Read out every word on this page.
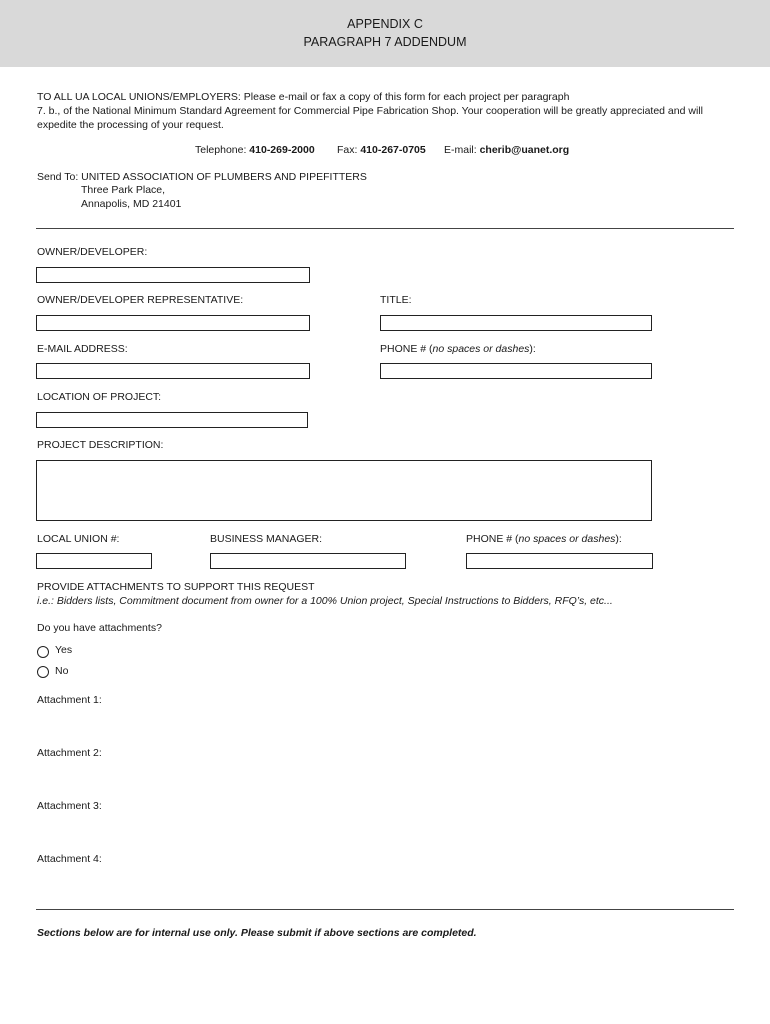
APPENDIX C
PARAGRAPH 7 ADDENDUM
TO ALL UA LOCAL UNIONS/EMPLOYERS: Please e-mail or fax a copy of this form for each project per paragraph
7. b., of the National Minimum Standard Agreement for Commercial Pipe Fabrication Shop. Your cooperation will be greatly appreciated and will
expedite the processing of your request.
Telephone: 410-269-2000 Fax: 410-267-0705 E-mail: cherib@uanet.org
Send To: UNITED ASSOCIATION OF PLUMBERS AND PIPEFITTERS
Three Park Place,
Annapolis, MD 21401
OWNER/DEVELOPER:
OWNER/DEVELOPER REPRESENTATIVE:	TITLE:
E-MAIL ADDRESS:	PHONE # (no spaces or dashes):
LOCATION OF PROJECT:
PROJECT DESCRIPTION:
LOCAL UNION #:	BUSINESS MANAGER:	PHONE # (no spaces or dashes):
PROVIDE ATTACHMENTS TO SUPPORT THIS REQUEST
i.e.: Bidders lists, Commitment document from owner for a 100% Union project, Special Instructions to Bidders, RFQ’s, etc...
Do you have attachments?
Yes
No
Attachment 1:
Attachment 2:
Attachment 3:
Attachment 4:
Sections below are for internal use only. Please submit if above sections are completed.
